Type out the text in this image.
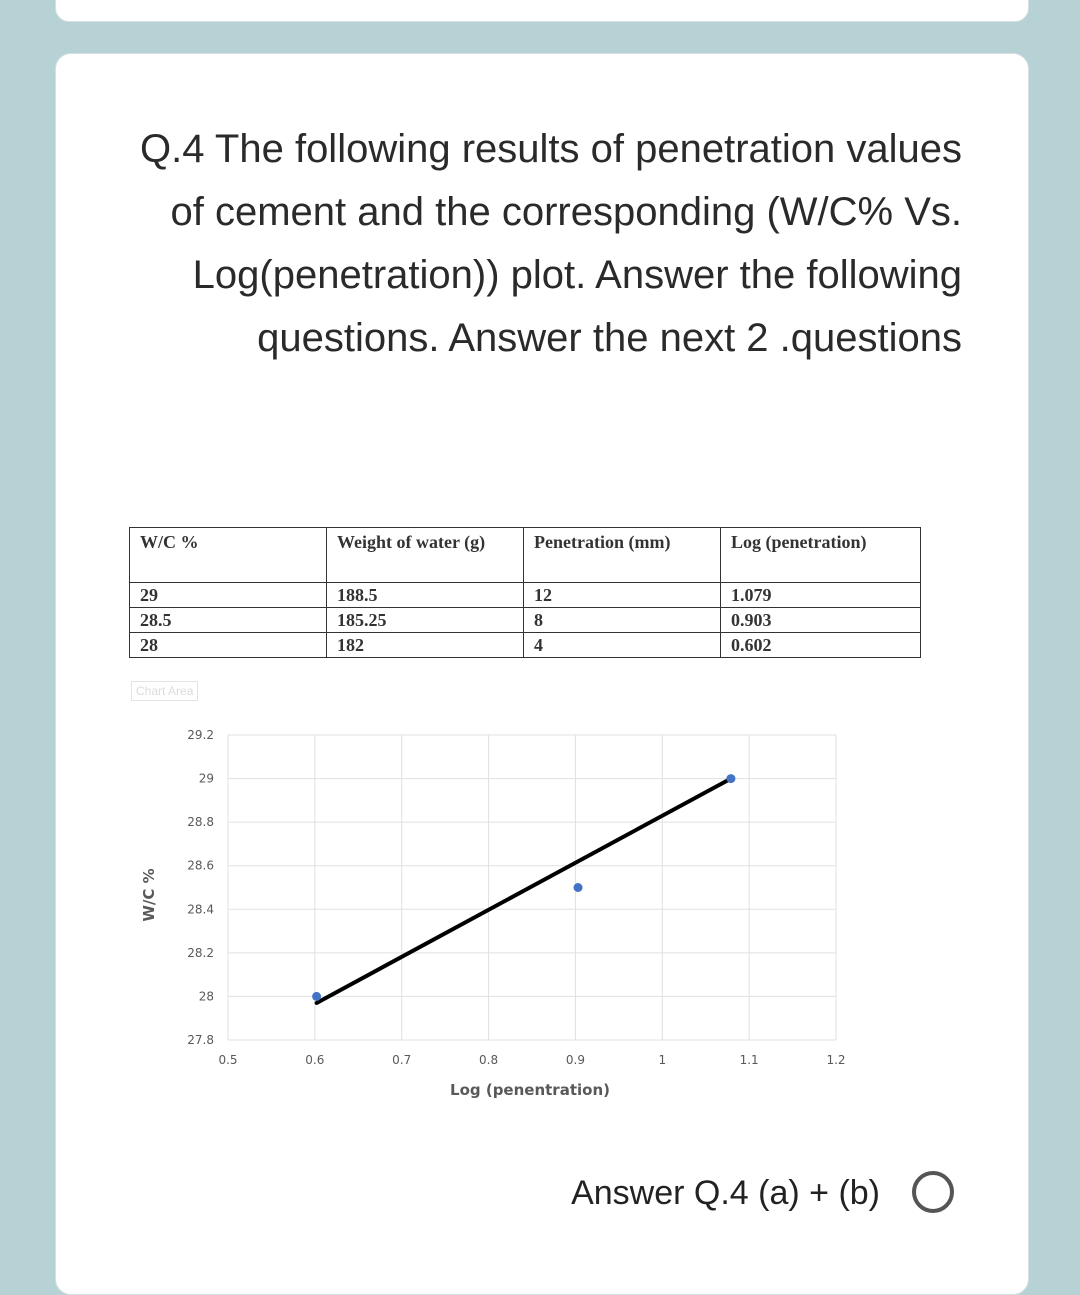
Q.4 The following results of penetration values of cement and the corresponding (W/C% Vs. Log(penetration)) plot. Answer the following questions. Answer the next 2 .questions

W/C %	Weight of water (g)	Penetration (mm)	Log (penetration)
29	188.5	12	1.079
28.5	185.25	8	0.903
28	182	4	0.602
Chart Area
27.8
28
28.2
28.4
28.6
28.8
29
29.2
0.5	0.6	0.7	0.8	0.9	1	1.1	1.2
Log (penentration)
W/C %
Answer Q.4 (a) + (b)
